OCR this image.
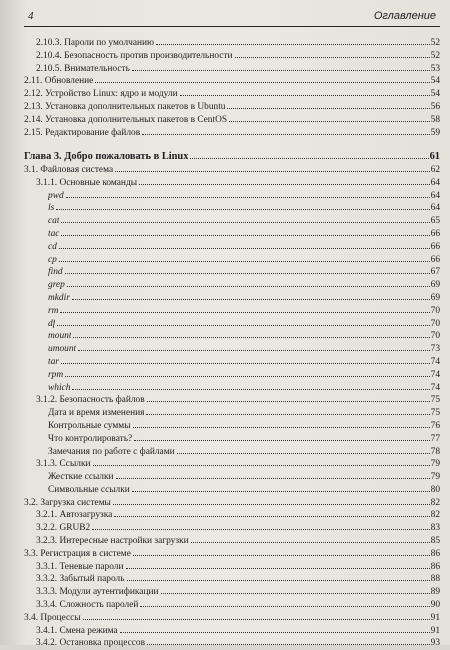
4	Оглавление
2.10.3. Пароли по умолчанию	52
2.10.4. Безопасность против производительности	52
2.10.5. Внимательность	53
2.11. Обновление	54
2.12. Устройство Linux: ядро и модули	54
2.13. Установка дополнительных пакетов в Ubuntu	56
2.14. Установка дополнительных пакетов в CentOS	58
2.15. Редактирование файлов	59
Глава 3. Добро пожаловать в Linux	61
3.1. Файловая система	62
3.1.1. Основные команды	64
pwd	64
ls	64
cat	65
tac	66
cd	66
cp	66
find	67
grep	69
mkdir	69
rm	70
df	70
mount	70
umount	73
tar	74
rpm	74
which	74
3.1.2. Безопасность файлов	75
Дата и время изменения	75
Контрольные суммы	76
Что контролировать?	77
Замечания по работе с файлами	78
3.1.3. Ссылки	79
Жесткие ссылки	79
Символьные ссылки	80
3.2. Загрузка системы	82
3.2.1. Автозагрузка	82
3.2.2. GRUB2	83
3.2.3. Интересные настройки загрузки	85
3.3. Регистрация в системе	86
3.3.1. Теневые пароли	86
3.3.2. Забытый пароль	88
3.3.3. Модули аутентификации	89
3.3.4. Сложность паролей	90
3.4. Процессы	91
3.4.1. Смена режима	91
3.4.2. Остановка процессов	93
